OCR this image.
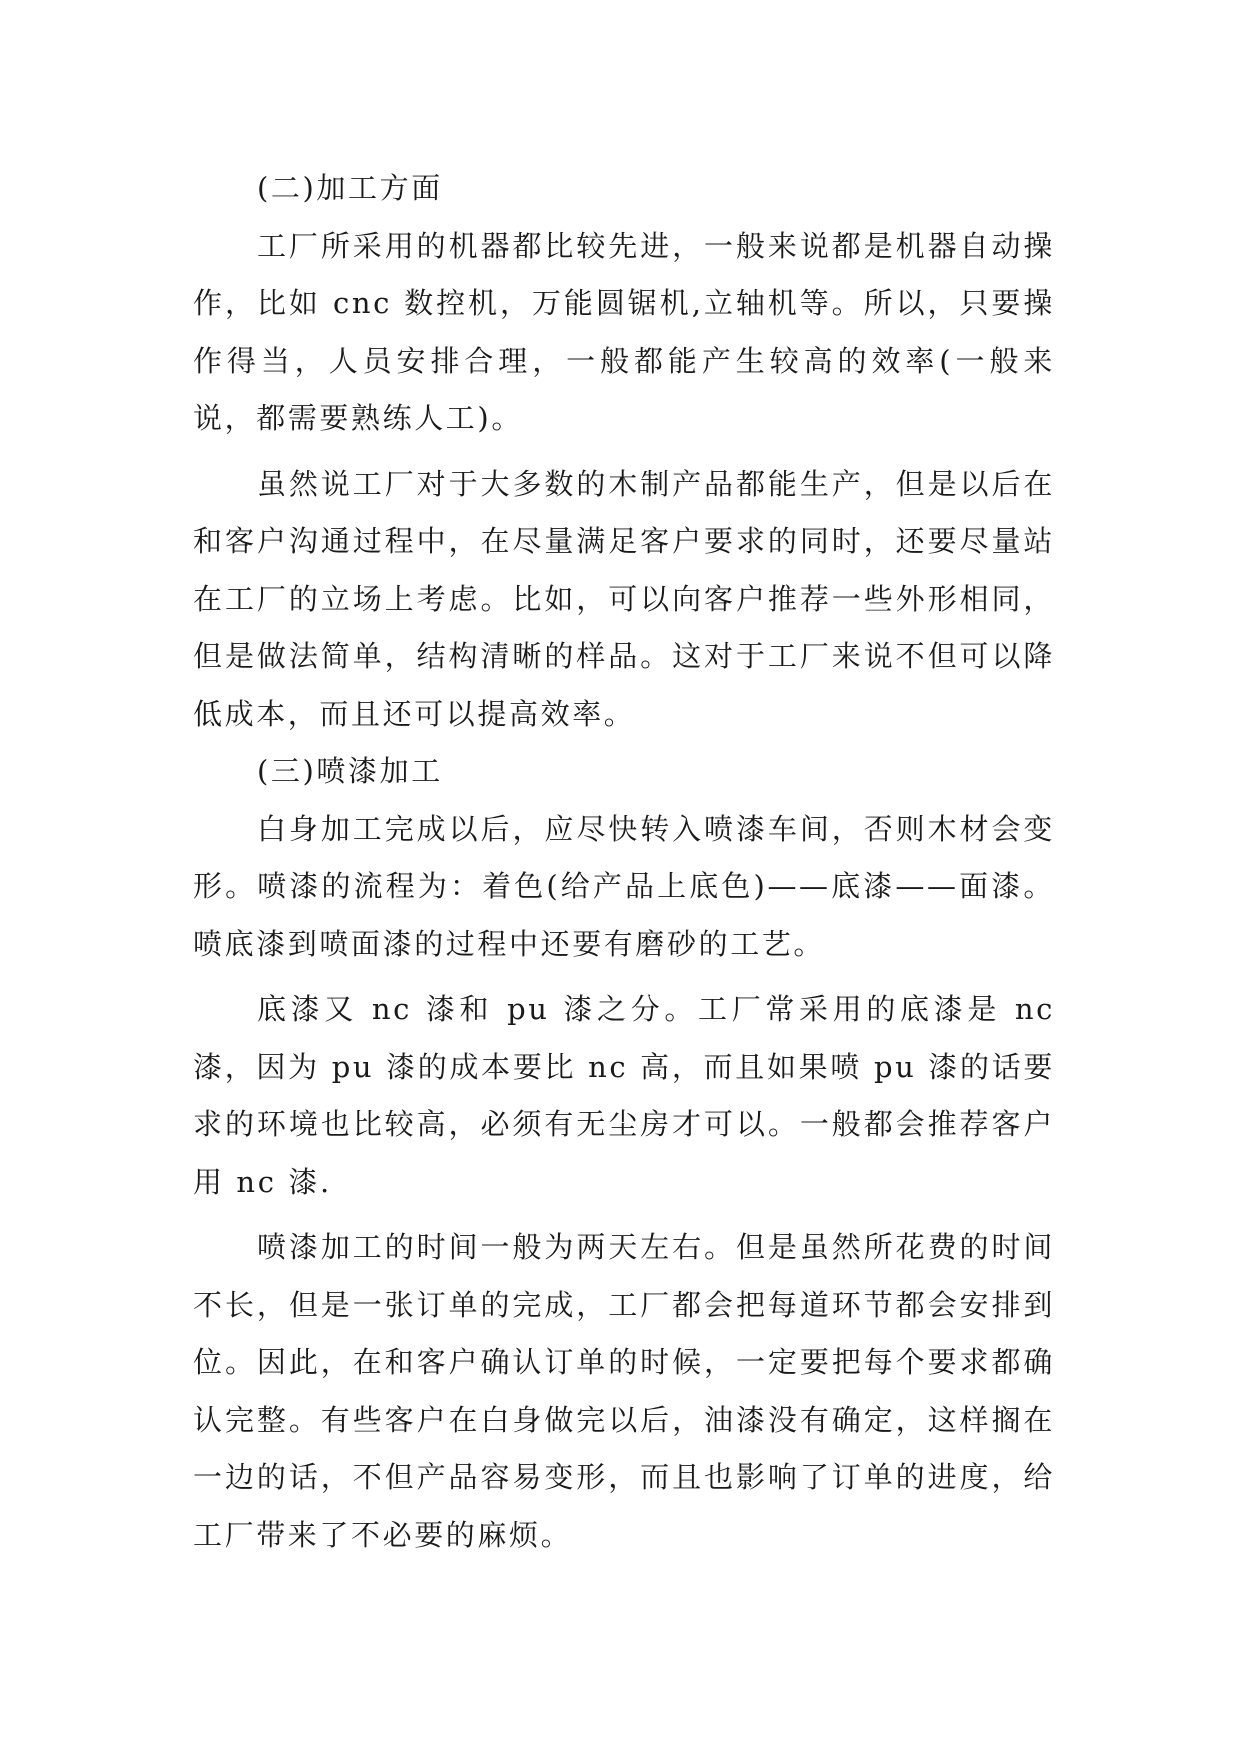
(二)加工方面

工厂所采用的机器都比较先进，一般来说都是机器自动操作，比如 cnc 数控机，万能圆锯机,立轴机等。所以，只要操作得当，人员安排合理，一般都能产生较高的效率(一般来说，都需要熟练人工)。

虽然说工厂对于大多数的木制产品都能生产，但是以后在和客户沟通过程中，在尽量满足客户要求的同时，还要尽量站在工厂的立场上考虑。比如，可以向客户推荐一些外形相同，但是做法简单，结构清晰的样品。这对于工厂来说不但可以降低成本，而且还可以提高效率。

(三)喷漆加工

白身加工完成以后，应尽快转入喷漆车间，否则木材会变形。喷漆的流程为：着色(给产品上底色)——底漆——面漆。喷底漆到喷面漆的过程中还要有磨砂的工艺。

底漆又 nc 漆和 pu 漆之分。工厂常采用的底漆是 nc 漆，因为 pu 漆的成本要比 nc 高，而且如果喷 pu 漆的话要求的环境也比较高，必须有无尘房才可以。一般都会推荐客户用 nc 漆.

喷漆加工的时间一般为两天左右。但是虽然所花费的时间不长，但是一张订单的完成，工厂都会把每道环节都会安排到位。因此，在和客户确认订单的时候，一定要把每个要求都确认完整。有些客户在白身做完以后，油漆没有确定，这样搁在一边的话，不但产品容易变形，而且也影响了订单的进度，给工厂带来了不必要的麻烦。
